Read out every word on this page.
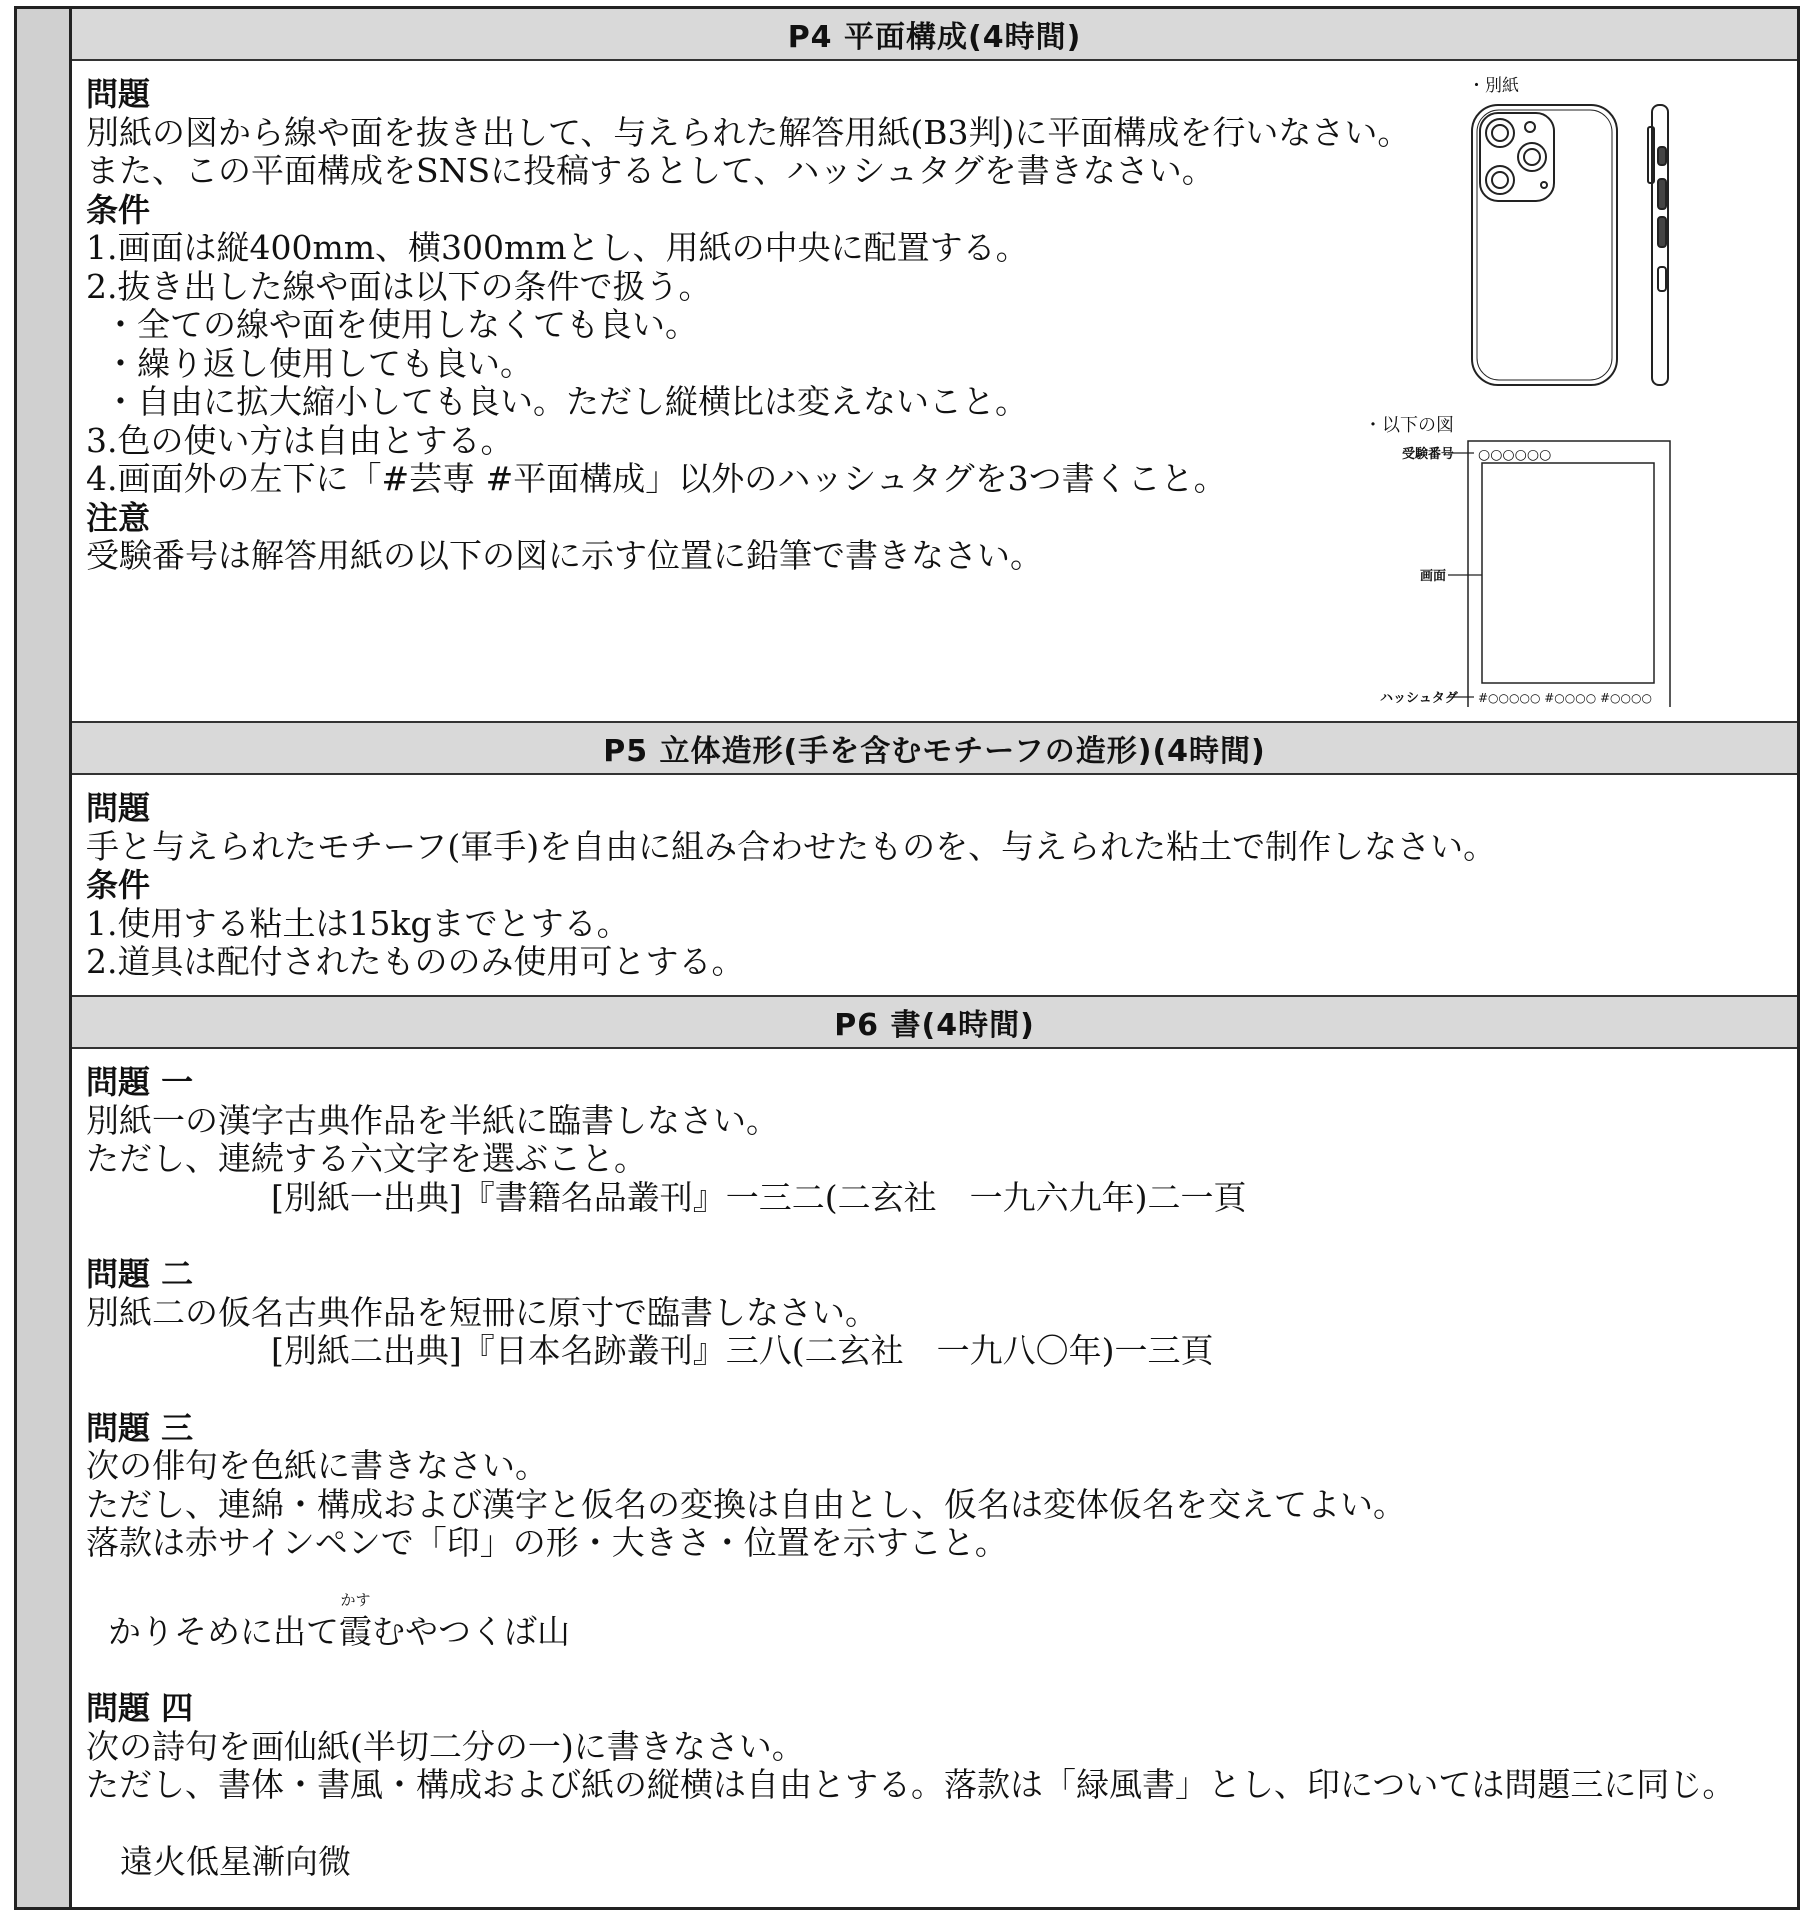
P4 平面構成(4時間)
問題
別紙の図から線や面を抜き出して、与えられた解答用紙(B3判)に平面構成を行いなさい。
また、この平面構成をSNSに投稿するとして、ハッシュタグを書きなさい。
条件
1.画面は縦400mm、横300mmとし、用紙の中央に配置する。
2.抜き出した線や面は以下の条件で扱う。
・全ての線や面を使用しなくても良い。
・繰り返し使用しても良い。
・自由に拡大縮小しても良い。ただし縦横比は変えないこと。
3.色の使い方は自由とする。
4.画面外の左下に「#芸専 #平面構成」以外のハッシュタグを3つ書くこと。
注意
受験番号は解答用紙の以下の図に示す位置に鉛筆で書きなさい。
・別紙
・以下の図
受験番号 ○○○○○○
画面
ハッシュタグ #○○○○○ #○○○○ #○○○○
P5 立体造形(手を含むモチーフの造形)(4時間)
問題
手と与えられたモチーフ(軍手)を自由に組み合わせたものを、与えられた粘土で制作しなさい。
条件
1.使用する粘土は15kgまでとする。
2.道具は配付されたもののみ使用可とする。
P6 書(4時間)
問題 一
別紙一の漢字古典作品を半紙に臨書しなさい。
ただし、連続する六文字を選ぶこと。
[別紙一出典]『書籍名品叢刊』一三二(二玄社　一九六九年)二一頁
問題 二
別紙二の仮名古典作品を短冊に原寸で臨書しなさい。
[別紙二出典]『日本名跡叢刊』三八(二玄社　一九八〇年)一三頁
問題 三
次の俳句を色紙に書きなさい。
ただし、連綿・構成および漢字と仮名の変換は自由とし、仮名は変体仮名を交えてよい。
落款は赤サインペンで「印」の形・大きさ・位置を示すこと。
かりそめに出て
かす
霞むやつくば山
問題 四
次の詩句を画仙紙(半切二分の一)に書きなさい。
ただし、書体・書風・構成および紙の縦横は自由とする。落款は「緑風書」とし、印については問題三に同じ。
遠火低星漸向微
